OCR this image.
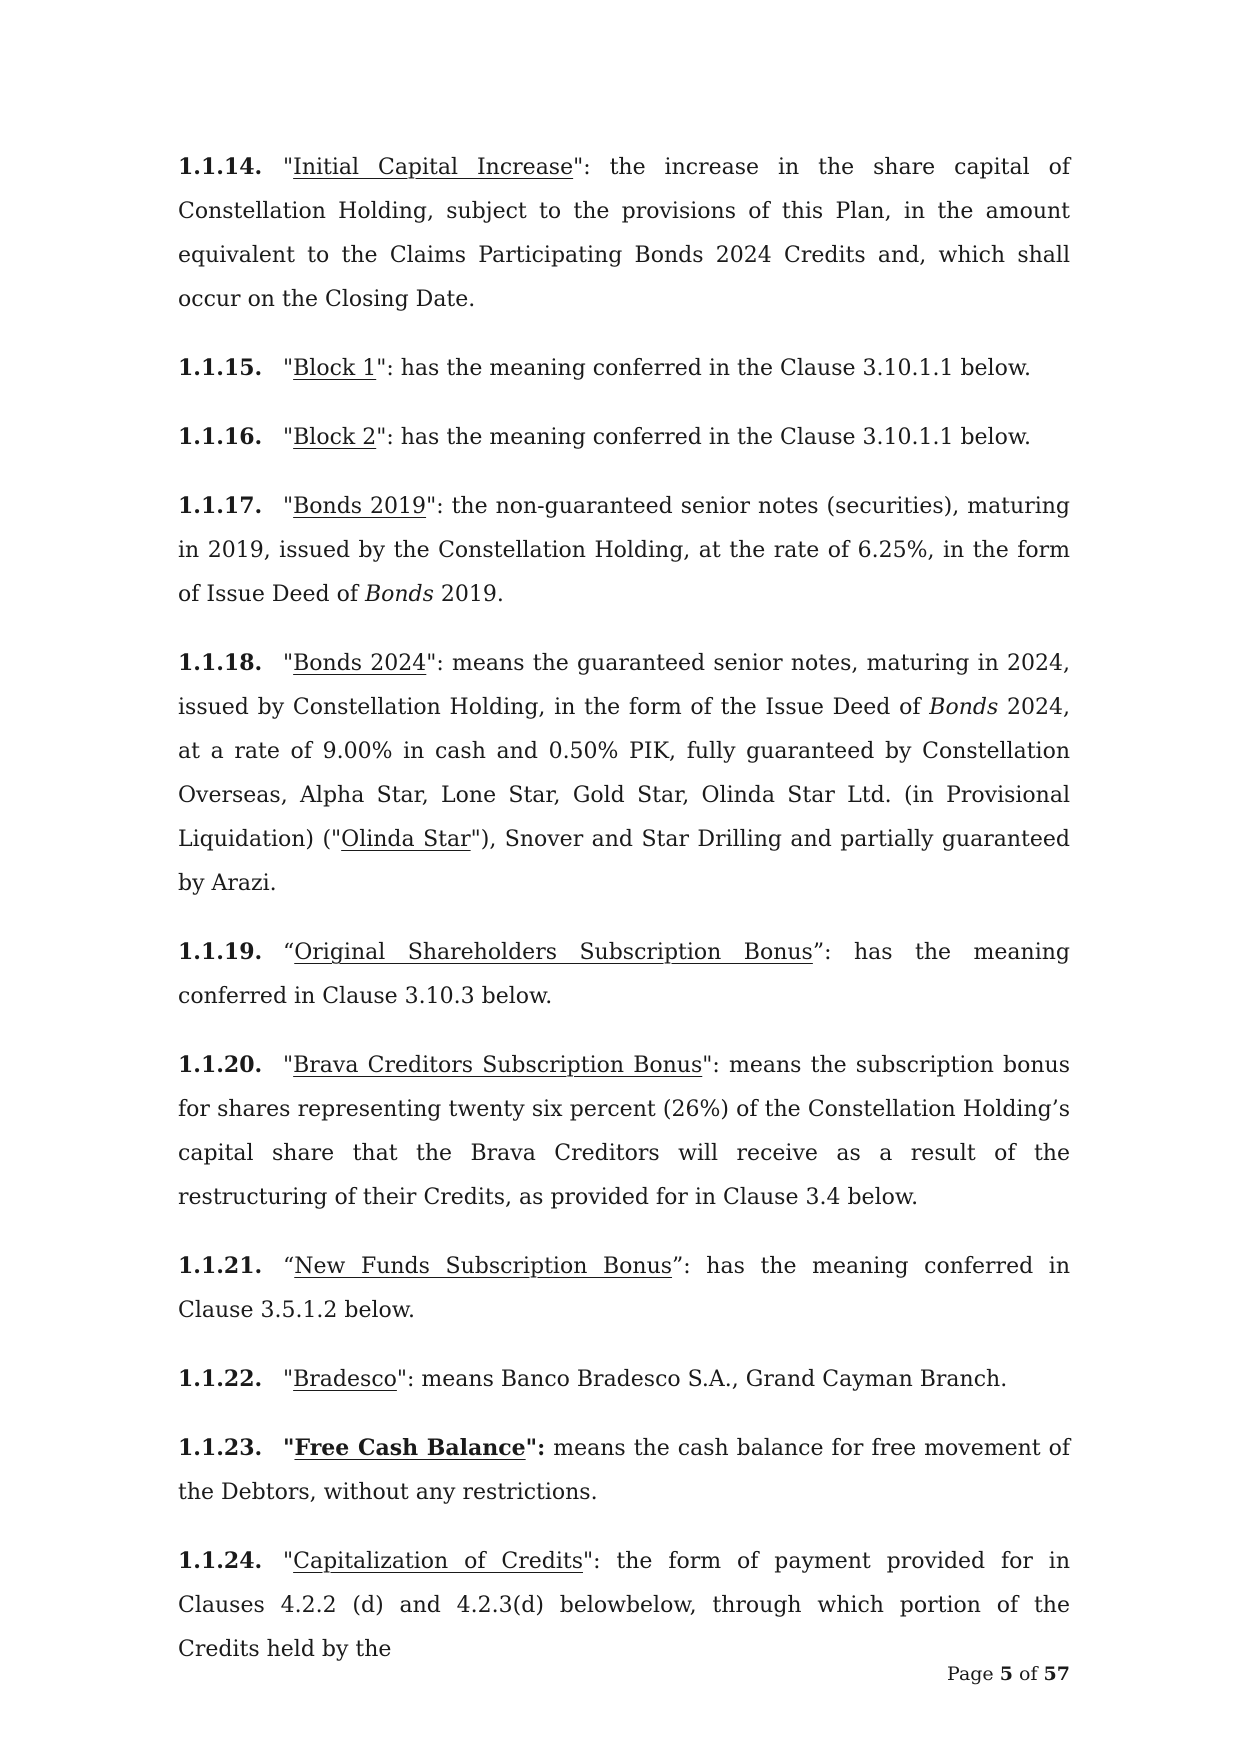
1.1.14. "Initial Capital Increase": the increase in the share capital of Constellation Holding, subject to the provisions of this Plan, in the amount equivalent to the Claims Participating Bonds 2024 Credits and, which shall occur on the Closing Date.

1.1.15. "Block 1": has the meaning conferred in the Clause 3.10.1.1 below.

1.1.16. "Block 2": has the meaning conferred in the Clause 3.10.1.1 below.

1.1.17. "Bonds 2019": the non-guaranteed senior notes (securities), maturing in 2019, issued by the Constellation Holding, at the rate of 6.25%, in the form of Issue Deed of Bonds 2019.

1.1.18. "Bonds 2024": means the guaranteed senior notes, maturing in 2024, issued by Constellation Holding, in the form of the Issue Deed of Bonds 2024, at a rate of 9.00% in cash and 0.50% PIK, fully guaranteed by Constellation Overseas, Alpha Star, Lone Star, Gold Star, Olinda Star Ltd. (in Provisional Liquidation) ("Olinda Star"), Snover and Star Drilling and partially guaranteed by Arazi.

1.1.19. “Original Shareholders Subscription Bonus”: has the meaning conferred in Clause 3.10.3 below.

1.1.20. "Brava Creditors Subscription Bonus": means the subscription bonus for shares representing twenty six percent (26%) of the Constellation Holding’s capital share that the Brava Creditors will receive as a result of the restructuring of their Credits, as provided for in Clause 3.4 below.

1.1.21. “New Funds Subscription Bonus”: has the meaning conferred in Clause 3.5.1.2 below.

1.1.22. "Bradesco": means Banco Bradesco S.A., Grand Cayman Branch.

1.1.23. "Free Cash Balance": means the cash balance for free movement of the Debtors, without any restrictions.

1.1.24. "Capitalization of Credits": the form of payment provided for in Clauses 4.2.2 (d) and 4.2.3(d) belowbelow, through which portion of the Credits held by the

Page 5 of 57
